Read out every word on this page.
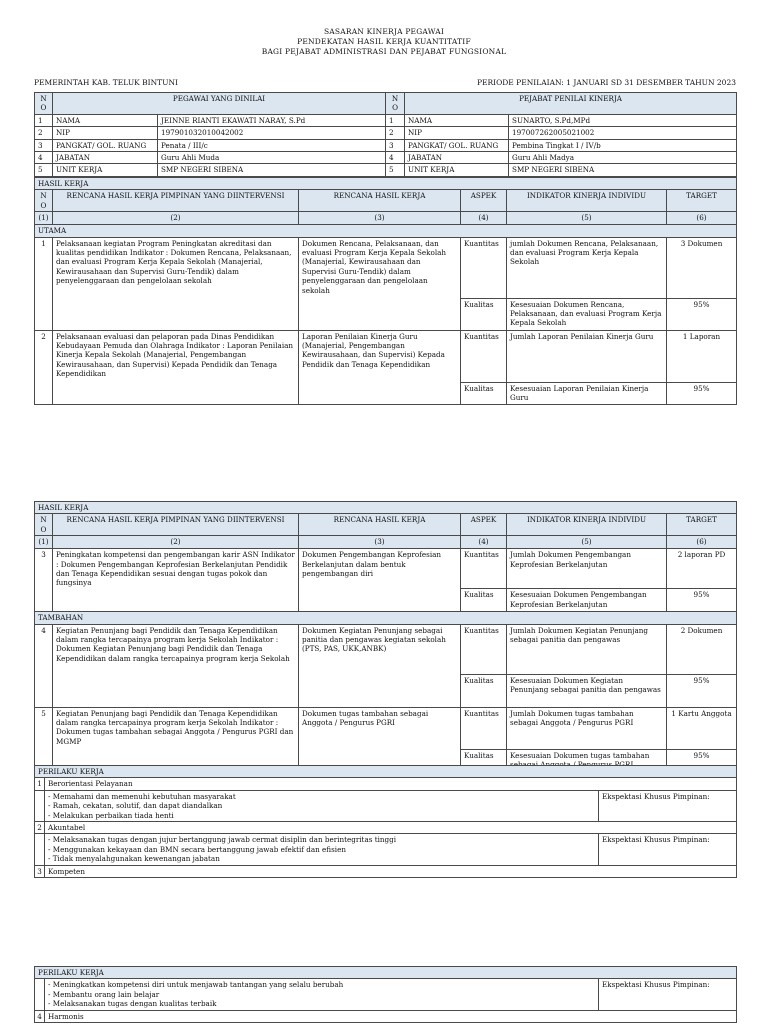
SASARAN KINERJA PEGAWAI
PENDEKATAN HASIL KERJA KUANTITATIF
BAGI PEJABAT ADMINISTRASI DAN PEJABAT FUNGSIONAL
PEMERINTAH KAB. TELUK BINTUNI	PERIODE PENILAIAN: 1 JANUARI SD 31 DESEMBER TAHUN 2023
NO	PEGAWAI YANG DINILAI		NO	PEJABAT PENILAI KINERJA	
1	NAMA	JEINNE RIANTI EKAWATI NARAY, S.Pd	1	NAMA	SUNARTO, S.Pd,MPd
2	NIP	197901032010042002	2	NIP	197007262005021002
3	PANGKAT/ GOL. RUANG	Penata / III/c	3	PANGKAT/ GOL. RUANG	Pembina Tingkat I / IV/b
4	JABATAN	Guru Ahli Muda	4	JABATAN	Guru Ahli Madya
5	UNIT KERJA	SMP NEGERI SIBENA	5	UNIT KERJA	SMP NEGERI SIBENA
HASIL KERJA					
NO	RENCANA HASIL KERJA PIMPINAN YANG DIINTERVENSI	RENCANA HASIL KERJA	ASPEK	INDIKATOR KINERJA INDIVIDU	TARGET
(1)	(2)	(3)	(4)	(5)	(6)
UTAMA					
1	Pelaksanaan kegiatan Program Peningkatan akreditasi dan kualitas pendidikan Indikator : Dokumen Rencana, Pelaksanaan, dan evaluasi Program Kerja Kepala Sekolah (Manajerial, Kewirausahaan dan Supervisi Guru-Tendik) dalam penyelenggaraan dan pengelolaan sekolah	Dokumen Rencana, Pelaksanaan, dan evaluasi Program Kerja Kepala Sekolah (Manajerial, Kewirausahaan dan Supervisi Guru-Tendik) dalam penyelenggaraan dan pengelolaan sekolah	Kuantitas	jumlah Dokumen Rencana, Pelaksanaan, dan evaluasi Program Kerja Kepala Sekolah	3 Dokumen
			Kualitas	Kesesuaian Dokumen Rencana, Pelaksanaan, dan evaluasi Program Kerja Kepala Sekolah	95%
2	Pelaksanaan evaluasi dan pelaporan pada Dinas Pendidikan Kebudayaan Pemuda dan Olahraga Indikator : Laporan Penilaian Kinerja Kepala Sekolah (Manajerial, Pengembangan Kewirausahaan, dan Supervisi) Kepada Pendidik dan Tenaga Kependidikan	Laporan Penilaian Kinerja Guru (Manajerial, Pengembangan Kewirausahaan, dan Supervisi) Kepada Pendidik dan Tenaga Kependidikan	Kuantitas	Jumlah Laporan Penilaian Kinerja Guru	1 Laporan
			Kualitas	Kesesuaian Laporan Penilaian Kinerja Guru	95%
HASIL KERJA					
NO	RENCANA HASIL KERJA PIMPINAN YANG DIINTERVENSI	RENCANA HASIL KERJA	ASPEK	INDIKATOR KINERJA INDIVIDU	TARGET
(1)	(2)	(3)	(4)	(5)	(6)
3	Peningkatan kompetensi dan pengembangan karir ASN Indikator : Dokumen Pengembangan Keprofesian Berkelanjutan Pendidik dan Tenaga Kependidikan sesuai dengan tugas pokok dan fungsinya	Dokumen Pengembangan Keprofesian Berkelanjutan dalam bentuk pengembangan diri	Kuantitas	Jumlah Dokumen Pengembangan Keprofesian Berkelanjutan	2 laporan PD
			Kualitas	Kesesuaian Dokumen Pengembangan Keprofesian Berkelanjutan	95%
TAMBAHAN					
4	Kegiatan Penunjang bagi Pendidik dan Tenaga Kependidikan dalam rangka tercapainya program kerja Sekolah Indikator : Dokumen Kegiatan Penunjang bagi Pendidik dan Tenaga Kependidikan dalam rangka tercapainya program kerja Sekolah	Dokumen Kegiatan Penunjang sebagai panitia dan pengawas kegiatan sekolah (PTS, PAS, UKK,ANBK)	Kuantitas	Jumlah Dokumen Kegiatan Penunjang sebagai panitia dan pengawas	2 Dokumen
			Kualitas	Kesesuaian Dokumen Kegiatan Penunjang sebagai panitia dan pengawas	95%
5	Kegiatan Penunjang bagi Pendidik dan Tenaga Kependidikan dalam rangka tercapainya program kerja Sekolah Indikator : Dokumen tugas tambahan sebagai Anggota / Pengurus PGRI dan MGMP	Dokumen tugas tambahan sebagai Anggota / Pengurus PGRI	Kuantitas	Jumlah Dokumen tugas tambahan sebagai Anggota / Pengurus PGRI	1 Kartu Anggota
			Kualitas	Kesesuaian Dokumen tugas tambahan	95%
PERILAKU KERJA		
1	Berorientasi Pelayanan	

	- Memahami dan memenuhi kebutuhan masyarakat
- Ramah, cekatan, solutif, dan dapat diandalkan
- Melakukan perbaikan tiada henti	Ekspektasi Khusus Pimpinan:
2	Akuntabel	

	- Melaksanakan tugas dengan jujur bertanggung jawab cermat disiplin dan berintegritas tinggi
- Menggunakan kekayaan dan BMN secara bertanggung jawab efektif dan efisien
- Tidak menyalahgunakan kewenangan jabatan	Ekspektasi Khusus Pimpinan:
3	Kompeten	
PERILAKU KERJA		

	- Meningkatkan kompetensi diri untuk menjawab tantangan yang selalu berubah
- Membantu orang lain belajar
- Melaksanakan tugas dengan kualitas terbaik	Ekspektasi Khusus Pimpinan:
4	Harmonis	
